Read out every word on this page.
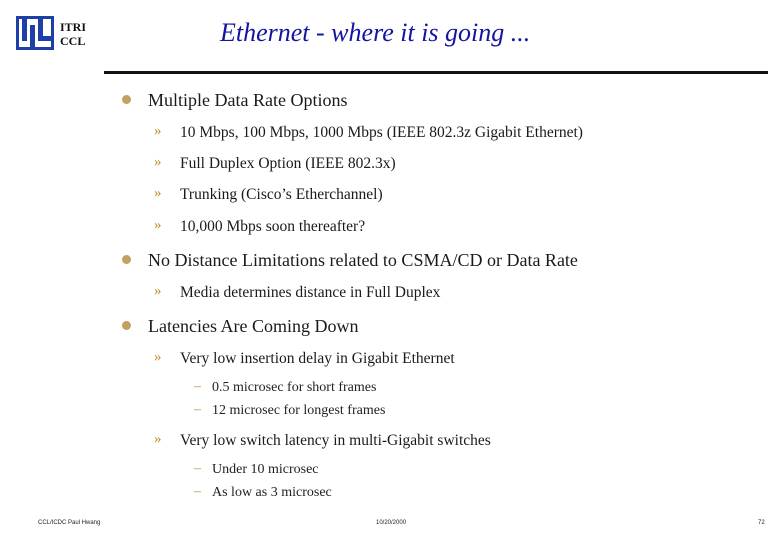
ITRI
CCL	Ethernet - where it is going ...
Multiple Data Rate Options
» 10 Mbps, 100 Mbps, 1000 Mbps (IEEE 802.3z Gigabit Ethernet)
» Full Duplex Option (IEEE 802.3x)
» Trunking (Cisco’s Etherchannel)
» 10,000 Mbps soon thereafter?
No Distance Limitations related to CSMA/CD or Data Rate
» Media determines distance in Full Duplex
Latencies Are Coming Down
» Very low insertion delay in Gigabit Ethernet
– 0.5 microsec for short frames
– 12 microsec for longest frames
» Very low switch latency in multi-Gigabit switches
– Under 10 microsec
– As low as 3 microsec
CCL/ICDC Paul Hwang	10/20/2000	72
